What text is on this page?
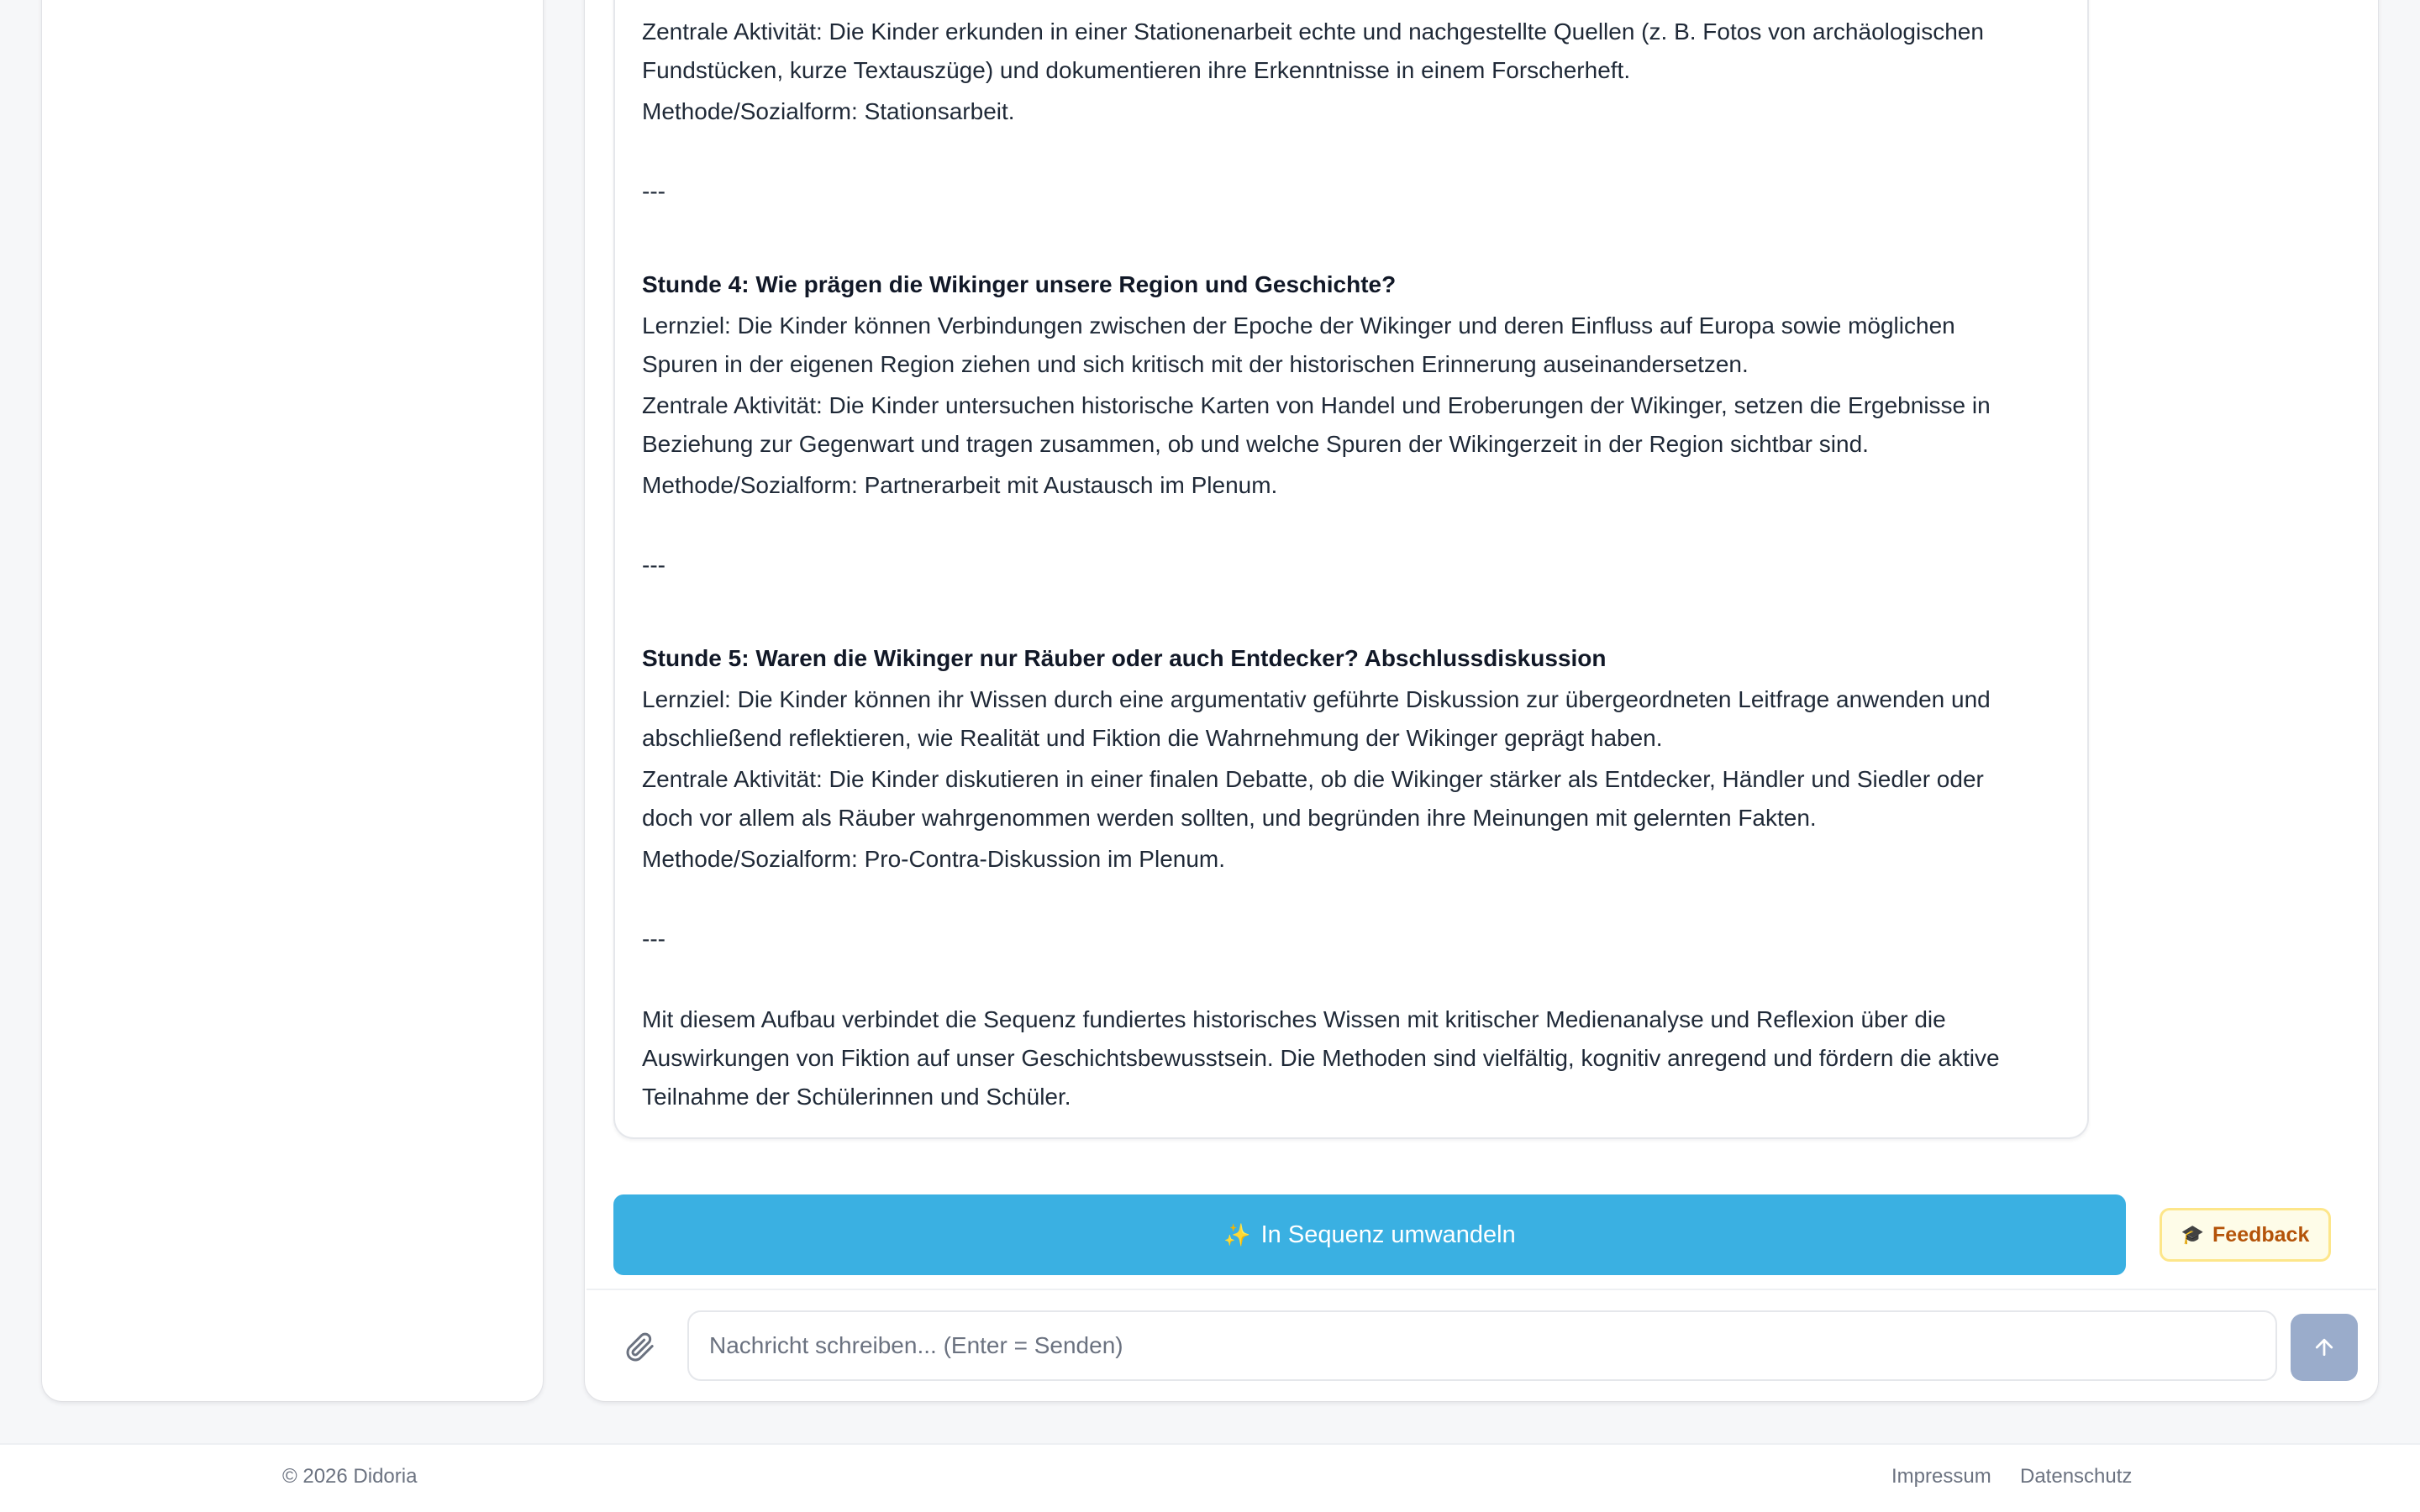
Zentrale Aktivität: Die Kinder erkunden in einer Stationenarbeit echte und nachgestellte Quellen (z. B. Fotos von archäologischen

Fundstücken, kurze Textauszüge) und dokumentieren ihre Erkenntnisse in einem Forscherheft.

Methode/Sozialform: Stationsarbeit.

---

Stunde 4: Wie prägen die Wikinger unsere Region und Geschichte?

Lernziel: Die Kinder können Verbindungen zwischen der Epoche der Wikinger und deren Einfluss auf Europa sowie möglichen

Spuren in der eigenen Region ziehen und sich kritisch mit der historischen Erinnerung auseinandersetzen.

Zentrale Aktivität: Die Kinder untersuchen historische Karten von Handel und Eroberungen der Wikinger, setzen die Ergebnisse in

Beziehung zur Gegenwart und tragen zusammen, ob und welche Spuren der Wikingerzeit in der Region sichtbar sind.

Methode/Sozialform: Partnerarbeit mit Austausch im Plenum.

---

Stunde 5: Waren die Wikinger nur Räuber oder auch Entdecker? Abschlussdiskussion

Lernziel: Die Kinder können ihr Wissen durch eine argumentativ geführte Diskussion zur übergeordneten Leitfrage anwenden und

abschließend reflektieren, wie Realität und Fiktion die Wahrnehmung der Wikinger geprägt haben.

Zentrale Aktivität: Die Kinder diskutieren in einer finalen Debatte, ob die Wikinger stärker als Entdecker, Händler und Siedler oder

doch vor allem als Räuber wahrgenommen werden sollten, und begründen ihre Meinungen mit gelernten Fakten.

Methode/Sozialform: Pro-Contra-Diskussion im Plenum.

---

Mit diesem Aufbau verbindet die Sequenz fundiertes historisches Wissen mit kritischer Medienanalyse und Reflexion über die

Auswirkungen von Fiktion auf unser Geschichtsbewusstsein. Die Methoden sind vielfältig, kognitiv anregend und fördern die aktive

Teilnahme der Schülerinnen und Schüler.

✨ In Sequenz umwandeln	🎓 Feedback
Nachricht schreiben... (Enter = Senden)

© 2026 Didoria	Impressum Datenschutz
